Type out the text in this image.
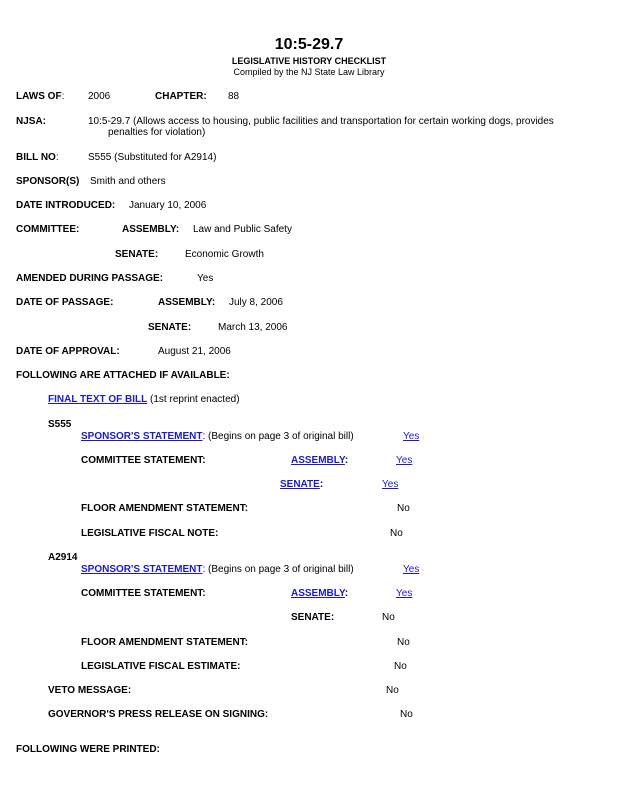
10:5-29.7
LEGISLATIVE HISTORY CHECKLIST
Compiled by the NJ State Law Library
LAWS OF: 2006	CHAPTER: 88
NJSA:	10:5-29.7 (Allows access to housing, public facilities and transportation for certain working dogs, provides
penalties for violation)
BILL NO:	S555 (Substituted for A2914)
SPONSOR(S) Smith and others
DATE INTRODUCED: January 10, 2006
COMMITTEE:	ASSEMBLY: Law and Public Safety
SENATE:	Economic Growth
AMENDED DURING PASSAGE:	Yes
DATE OF PASSAGE:	ASSEMBLY: July 8, 2006
SENATE:	March 13, 2006
DATE OF APPROVAL:	August 21, 2006
FOLLOWING ARE ATTACHED IF AVAILABLE:
FINAL TEXT OF BILL (1st reprint enacted)
S555
SPONSOR'S STATEMENT: (Begins on page 3 of original bill)	Yes
COMMITTEE STATEMENT:	ASSEMBLY:	Yes
SENATE:	Yes
FLOOR AMENDMENT STATEMENT:	No
LEGISLATIVE FISCAL NOTE:	No
A2914
SPONSOR'S STATEMENT: (Begins on page 3 of original bill)	Yes
COMMITTEE STATEMENT:	ASSEMBLY:	Yes
SENATE:	No
FLOOR AMENDMENT STATEMENT:	No
LEGISLATIVE FISCAL ESTIMATE:	No
VETO MESSAGE:	No
GOVERNOR'S PRESS RELEASE ON SIGNING:	No
FOLLOWING WERE PRINTED:
